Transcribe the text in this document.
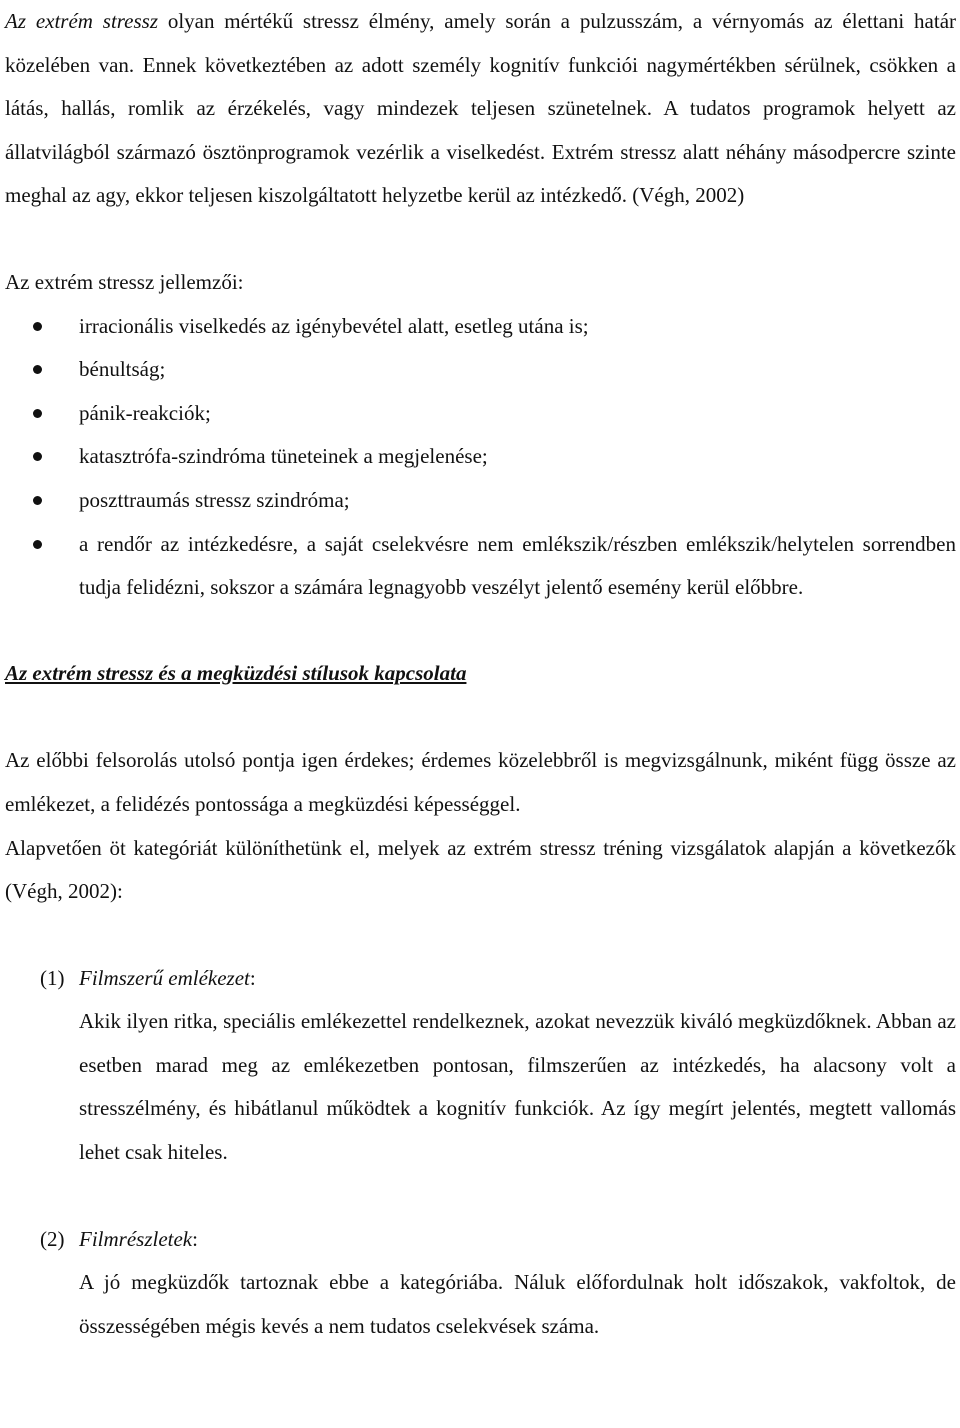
Az extrém stressz olyan mértékű stressz élmény, amely során a pulzusszám, a vérnyomás az élettani határ közelében van. Ennek következtében az adott személy kognitív funkciói nagymértékben sérülnek, csökken a látás, hallás, romlik az érzékelés, vagy mindezek teljesen szünetelnek. A tudatos programok helyett az állatvilágból származó ösztönprogramok vezérlik a viselkedést. Extrém stressz alatt néhány másodpercre szinte meghal az agy, ekkor teljesen kiszolgáltatott helyzetbe kerül az intézkedő. (Végh, 2002)

Az extrém stressz jellemzői:

irracionális viselkedés az igénybevétel alatt, esetleg utána is;
bénultság;
pánik-reakciók;
katasztrófa-szindróma tüneteinek a megjelenése;
poszttraumás stressz szindróma;
a rendőr az intézkedésre, a saját cselekvésre nem emlékszik/részben emlékszik/helytelen sorrendben tudja felidézni, sokszor a számára legnagyobb veszélyt jelentő esemény kerül előbbre.

Az extrém stressz és a megküzdési stílusok kapcsolata

Az előbbi felsorolás utolsó pontja igen érdekes; érdemes közelebbről is megvizsgálnunk, miként függ össze az emlékezet, a felidézés pontossága a megküzdési képességgel.

Alapvetően öt kategóriát különíthetünk el, melyek az extrém stressz tréning vizsgálatok alapján a következők (Végh, 2002):

(1) Filmszerű emlékezet:

Akik ilyen ritka, speciális emlékezettel rendelkeznek, azokat nevezzük kiváló megküzdőknek. Abban az esetben marad meg az emlékezetben pontosan, filmszerűen az intézkedés, ha alacsony volt a stresszélmény, és hibátlanul működtek a kognitív funkciók. Az így megírt jelentés, megtett vallomás lehet csak hiteles.

(2) Filmrészletek:

A jó megküzdők tartoznak ebbe a kategóriába. Náluk előfordulnak holt időszakok, vakfoltok, de összességében mégis kevés a nem tudatos cselekvések száma.
